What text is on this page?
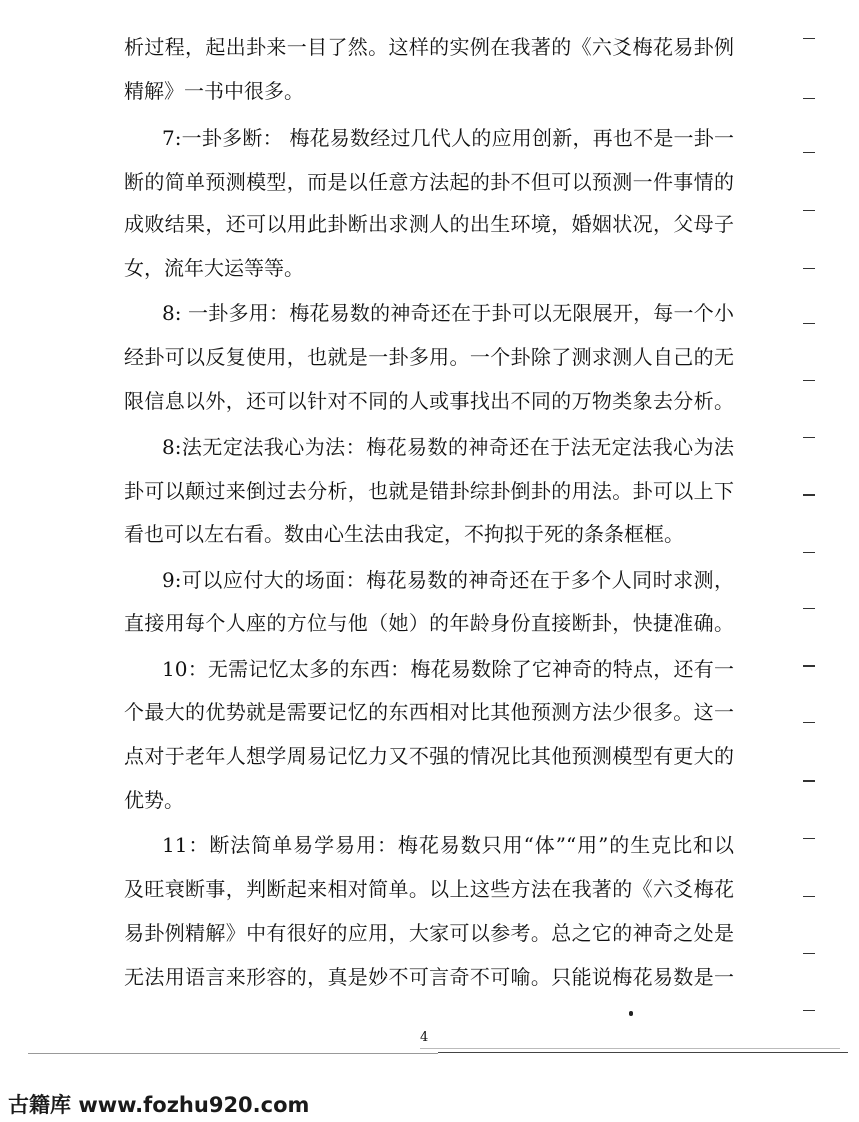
析过程，起出卦来一目了然。这样的实例在我著的《六爻梅花易卦例
精解》一书中很多。
7:一卦多断： 梅花易数经过几代人的应用创新，再也不是一卦一
断的简单预测模型，而是以任意方法起的卦不但可以预测一件事情的
成败结果，还可以用此卦断出求测人的出生环境，婚姻状况，父母子
女，流年大运等等。
8: 一卦多用：梅花易数的神奇还在于卦可以无限展开，每一个小
经卦可以反复使用，也就是一卦多用。一个卦除了测求测人自己的无
限信息以外，还可以针对不同的人或事找出不同的万物类象去分析。
8:法无定法我心为法：梅花易数的神奇还在于法无定法我心为法
卦可以颠过来倒过去分析，也就是错卦综卦倒卦的用法。卦可以上下
看也可以左右看。数由心生法由我定，不拘拟于死的条条框框。
9:可以应付大的场面：梅花易数的神奇还在于多个人同时求测，
直接用每个人座的方位与他（她）的年龄身份直接断卦，快捷准确。
10：无需记忆太多的东西：梅花易数除了它神奇的特点，还有一
个最大的优势就是需要记忆的东西相对比其他预测方法少很多。这一
点对于老年人想学周易记忆力又不强的情况比其他预测模型有更大的
优势。
11：断法简单易学易用：梅花易数只用“体”“用”的生克比和以
及旺衰断事，判断起来相对简单。以上这些方法在我著的《六爻梅花
易卦例精解》中有很好的应用，大家可以参考。总之它的神奇之处是
无法用语言来形容的，真是妙不可言奇不可喻。只能说梅花易数是一
4
古籍库 www.fozhu920.com
